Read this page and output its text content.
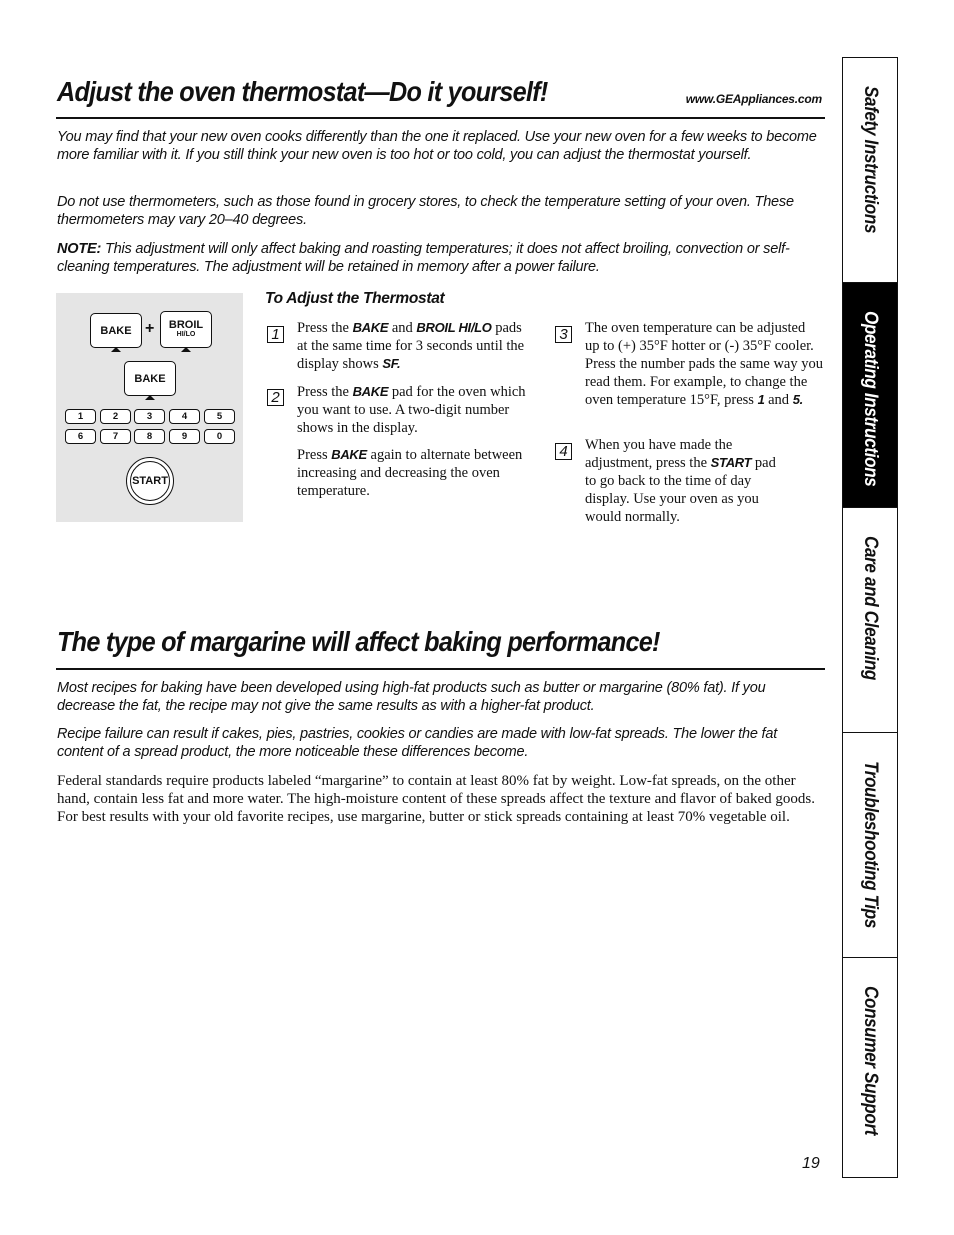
Adjust the oven thermostat—Do it yourself!	www.GEAppliances.com

You may find that your new oven cooks differently than the one it replaced. Use your new oven for a few weeks to become more familiar with it. If you still think your new oven is too hot or too cold, you can adjust the thermostat yourself.

Do not use thermometers, such as those found in grocery stores, to check the temperature setting of your oven. These thermometers may vary 20–40 degrees.

NOTE: This adjustment will only affect baking and roasting temperatures; it does not affect broiling, convection or self-cleaning temperatures. The adjustment will be retained in memory after a power failure.

BAKE + BROIL
HI/LO
BAKE
1	2	3	4	5
6	7	8	9	0
START
To Adjust the Thermostat
1 Press the BAKE and BROIL HI/LO pads at the same time for 3 seconds until the display shows SF.

2 Press the BAKE pad for the oven which you want to use. A two-digit number shows in the display.

Press BAKE again to alternate between increasing and decreasing the oven temperature.

3 The oven temperature can be adjusted up to (+) 35°F hotter or (-) 35°F cooler. Press the number pads the same way you read them. For example, to change the oven temperature 15°F, press 1 and 5.

4 When you have made the adjustment, press the START pad to go back to the time of day display. Use your oven as you would normally.

The type of margarine will affect baking performance!

Most recipes for baking have been developed using high-fat products such as butter or margarine (80% fat). If you decrease the fat, the recipe may not give the same results as with a higher-fat product.

Recipe failure can result if cakes, pies, pastries, cookies or candies are made with low-fat spreads. The lower the fat content of a spread product, the more noticeable these differences become.

Federal standards require products labeled “margarine” to contain at least 80% fat by weight. Low-fat spreads, on the other hand, contain less fat and more water. The high-moisture content of these spreads affect the texture and flavor of baked goods. For best results with your old favorite recipes, use margarine, butter or stick spreads containing at least 70% vegetable oil.

Safety Instructions
Operating Instructions
Care and Cleaning
Troubleshooting Tips
Consumer Support
19
